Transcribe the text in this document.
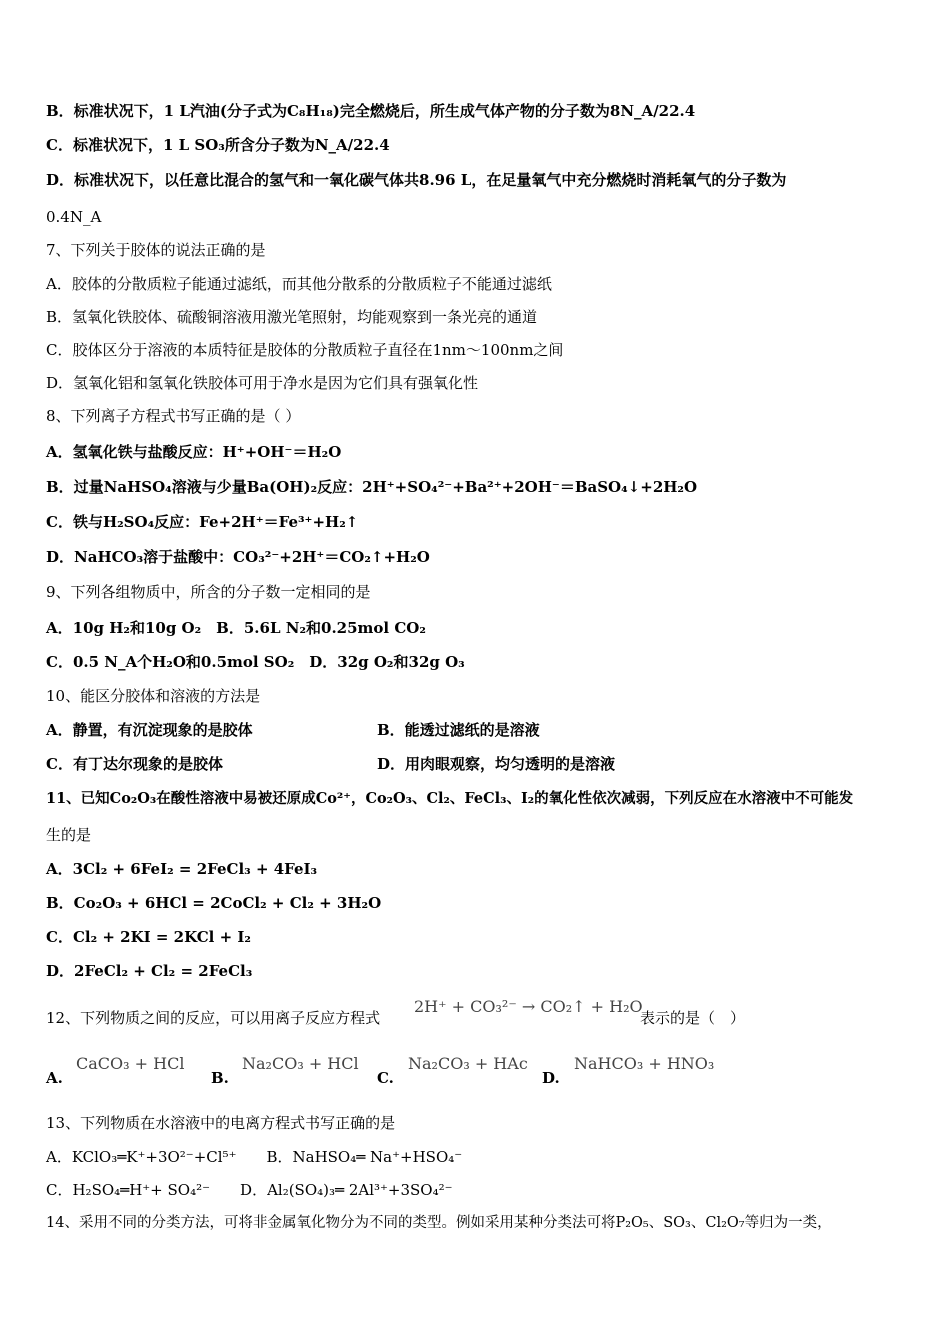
B．标准状况下，1 L汽油(分子式为C₈H₁₈)完全燃烧后，所生成气体产物的分子数为8N_A/22.4
C．标准状况下，1 L SO₃所含分子数为N_A/22.4
D．标准状况下，以任意比混合的氢气和一氧化碳气体共8.96 L，在足量氧气中充分燃烧时消耗氧气的分子数为
0.4N_A
7、下列关于胶体的说法正确的是
A．胶体的分散质粒子能通过滤纸，而其他分散系的分散质粒子不能通过滤纸
B．氢氧化铁胶体、硫酸铜溶液用激光笔照射，均能观察到一条光亮的通道
C．胶体区分于溶液的本质特征是胶体的分散质粒子直径在1nm～100nm之间
D．氢氧化铝和氢氧化铁胶体可用于净水是因为它们具有强氧化性
8、下列离子方程式书写正确的是（ ）
A．氢氧化铁与盐酸反应：H⁺+OH⁻＝H₂O
B．过量NaHSO₄溶液与少量Ba(OH)₂反应：2H⁺+SO₄²⁻+Ba²⁺+2OH⁻＝BaSO₄↓+2H₂O
C．铁与H₂SO₄反应：Fe+2H⁺＝Fe³⁺+H₂↑
D．NaHCO₃溶于盐酸中：CO₃²⁻+2H⁺＝CO₂↑+H₂O
9、下列各组物质中，所含的分子数一定相同的是
A．10g H₂和10g O₂　B．5.6L N₂和0.25mol CO₂
C．0.5 N_A个H₂O和0.5mol SO₂　D．32g O₂和32g O₃
10、能区分胶体和溶液的方法是
A．静置，有沉淀现象的是胶体	B．能透过滤纸的是溶液
C．有丁达尔现象的是胶体	D．用肉眼观察，均匀透明的是溶液
11、已知Co₂O₃在酸性溶液中易被还原成Co²⁺，Co₂O₃、Cl₂、FeCl₃、I₂的氧化性依次减弱，下列反应在水溶液中不可能发
生的是
A．3Cl₂ + 6FeI₂ = 2FeCl₃ + 4FeI₃
B．Co₂O₃ + 6HCl = 2CoCl₂ + Cl₂ + 3H₂O
C．Cl₂ + 2KI = 2KCl + I₂
D．2FeCl₂ + Cl₂ = 2FeCl₃
12、下列物质之间的反应，可以用离子反应方程式
2H⁺ + CO₃²⁻ → CO₂↑ + H₂O
表示的是（　）
A.
CaCO₃ + HCl
B.
Na₂CO₃ + HCl
C.
Na₂CO₃ + HAc
D.
NaHCO₃ + HNO₃
13、下列物质在水溶液中的电离方程式书写正确的是
A．KClO₃═K⁺+3O²⁻+Cl⁵⁺　　B．NaHSO₄═ Na⁺+HSO₄⁻
C．H₂SO₄═H⁺+ SO₄²⁻　　D．Al₂(SO₄)₃═ 2Al³⁺+3SO₄²⁻
14、采用不同的分类方法，可将非金属氧化物分为不同的类型。例如采用某种分类法可将P₂O₅、SO₃、Cl₂O₇等归为一类，
